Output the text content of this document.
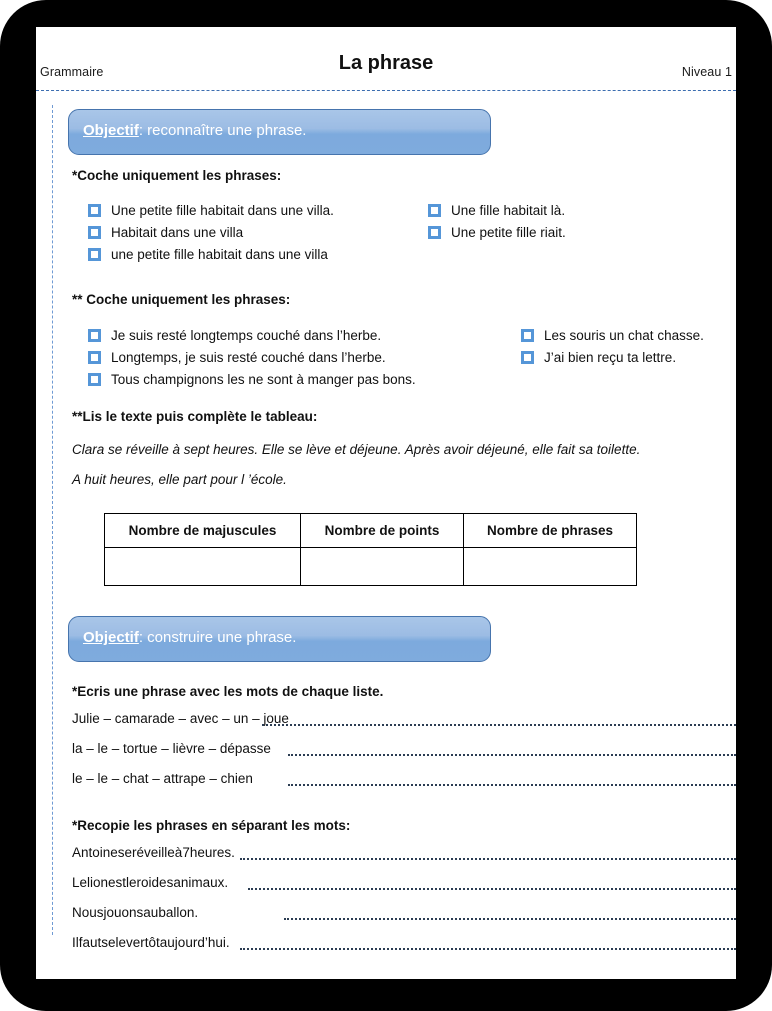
Grammaire	La phrase	Niveau 1
Objectif: reconnaître une phrase.
*Coche uniquement les phrases:
Une petite fille habitait dans une villa.
Habitait dans une villa
une petite fille habitait dans une villa
Une fille habitait là.
Une petite fille riait.
** Coche uniquement les phrases:
Je suis resté longtemps couché dans l’herbe.
Longtemps, je suis resté couché dans l’herbe.
Tous champignons les ne sont à manger pas bons.
Les souris un chat chasse.
J’ai bien reçu ta lettre.
**Lis le texte puis complète le tableau:
Clara se réveille à sept heures. Elle se lève et déjeune. Après avoir déjeuné, elle fait sa toilette.
A huit heures, elle part pour l ’école.
Nombre de majuscules	Nombre de points	Nombre de phrases

Objectif: construire une phrase.
*Ecris une phrase avec les mots de chaque liste.
Julie – camarade – avec – un – joue
la – le – tortue – lièvre – dépasse
le – le – chat – attrape – chien
*Recopie les phrases en séparant les mots:
Antoineseréveilleà7heures.
Lelionestleroidesanimaux.
Nousjouonsauballon.
Ilfautselevertôtaujourd’hui.
